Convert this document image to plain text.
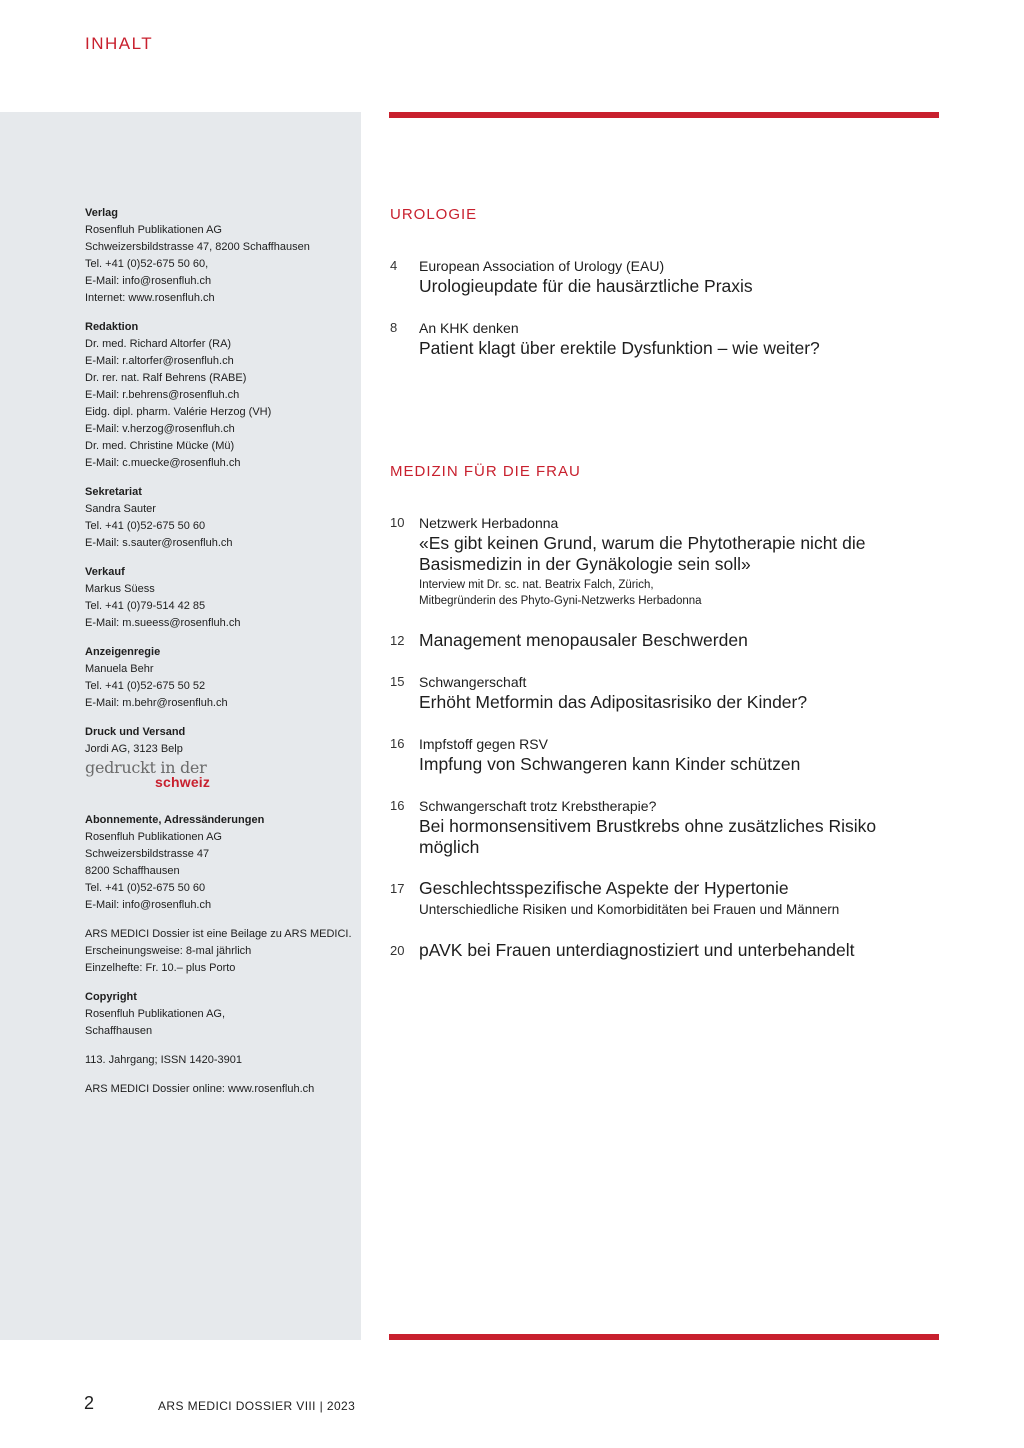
INHALT
Verlag
Rosenfluh Publikationen AG
Schweizersbildstrasse 47, 8200 Schaffhausen
Tel. +41 (0)52-675 50 60,
E-Mail: info@rosenfluh.ch
Internet: www.rosenfluh.ch
Redaktion
Dr. med. Richard Altorfer (RA)
E-Mail: r.altorfer@rosenfluh.ch
Dr. rer. nat. Ralf Behrens (RABE)
E-Mail: r.behrens@rosenfluh.ch
Eidg. dipl. pharm. Valérie Herzog (VH)
E-Mail: v.herzog@rosenfluh.ch
Dr. med. Christine Mücke (Mü)
E-Mail: c.muecke@rosenfluh.ch
Sekretariat
Sandra Sauter
Tel. +41 (0)52-675 50 60
E-Mail: s.sauter@rosenfluh.ch
Verkauf
Markus Süess
Tel. +41 (0)79-514 42 85
E-Mail: m.sueess@rosenfluh.ch
Anzeigenregie
Manuela Behr
Tel. +41 (0)52-675 50 52
E-Mail: m.behr@rosenfluh.ch
Druck und Versand
Jordi AG, 3123 Belp
gedruckt in der
schweiz
Abonnemente, Adressänderungen
Rosenfluh Publikationen AG
Schweizersbildstrasse 47
8200 Schaffhausen
Tel. +41 (0)52-675 50 60
E-Mail: info@rosenfluh.ch
ARS MEDICI Dossier ist eine Beilage zu ARS MEDICI.
Erscheinungsweise: 8-mal jährlich
Einzelhefte: Fr. 10.– plus Porto
Copyright
Rosenfluh Publikationen AG,
Schaffhausen
113. Jahrgang; ISSN 1420-3901
ARS MEDICI Dossier online: www.rosenfluh.ch
UROLOGIE
4 European Association of Urology (EAU)
Urologieupdate für die hausärztliche Praxis
8 An KHK denken
Patient klagt über erektile Dysfunktion – wie weiter?
MEDIZIN FÜR DIE FRAU
10 Netzwerk Herbadonna
«Es gibt keinen Grund, warum die Phytotherapie nicht die Basismedizin in der Gynäkologie sein soll»
Interview mit Dr. sc. nat. Beatrix Falch, Zürich, Mitbegründerin des Phyto-Gyni-Netzwerks Herbadonna
12 Management menopausaler Beschwerden
15 Schwangerschaft
Erhöht Metformin das Adipositasrisiko der Kinder?
16 Impfstoff gegen RSV
Impfung von Schwangeren kann Kinder schützen
16 Schwangerschaft trotz Krebstherapie?
Bei hormonsensitivem Brustkrebs ohne zusätzliches Risiko möglich
17 Geschlechtsspezifische Aspekte der Hypertonie
Unterschiedliche Risiken und Komorbiditäten bei Frauen und Männern
20 pAVK bei Frauen unterdiagnostiziert und unterbehandelt
2	ARS MEDICI DOSSIER VIII | 2023
